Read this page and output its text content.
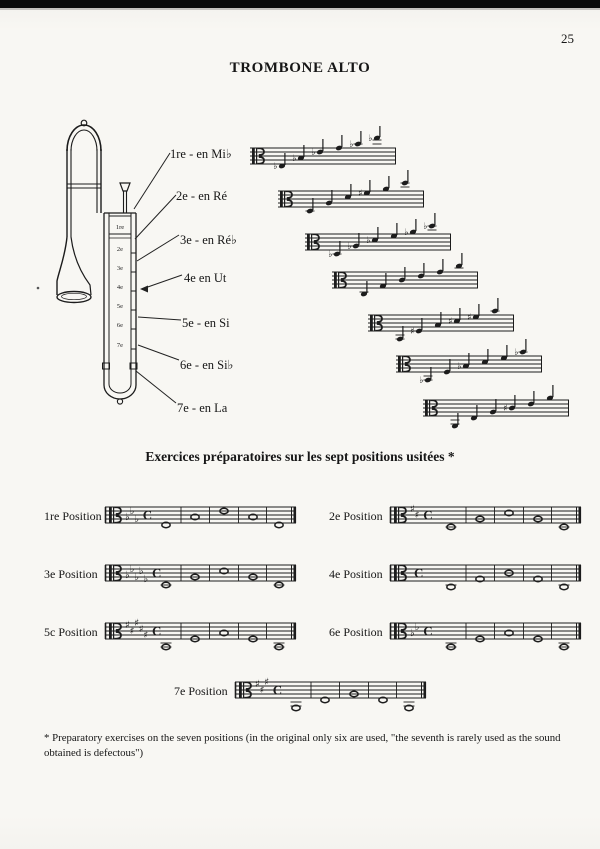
25
TROMBONE ALTO
1re
2e
3e
4e
5e
6e
7e
1re - en Mi♭
2e - en Ré
3e - en Ré♭
4e en Ut
5e - en Si
6e - en Si♭
7e - en La
♭
♭
♭
♭
♭
♯
♭
♭
♭
♭
♭
♯
♯ ♯
♭
♭
♭
♯
Exercices préparatoires sur les sept positions usitées *
1re Position ♭
♭
♭ C	2e Position	♯
♯ C
3e Position	♭
♭
♭
♭
♭ C	4e Position C
5c Position	♯
♯
♯
♯
♯ C	6e Position	♭
♭ C
7e Position	♯
♯
♯ C
* Preparatory exercises on the seven positions (in the original only six are used, "the seventh is rarely used as the sound
obtained is defectous")
